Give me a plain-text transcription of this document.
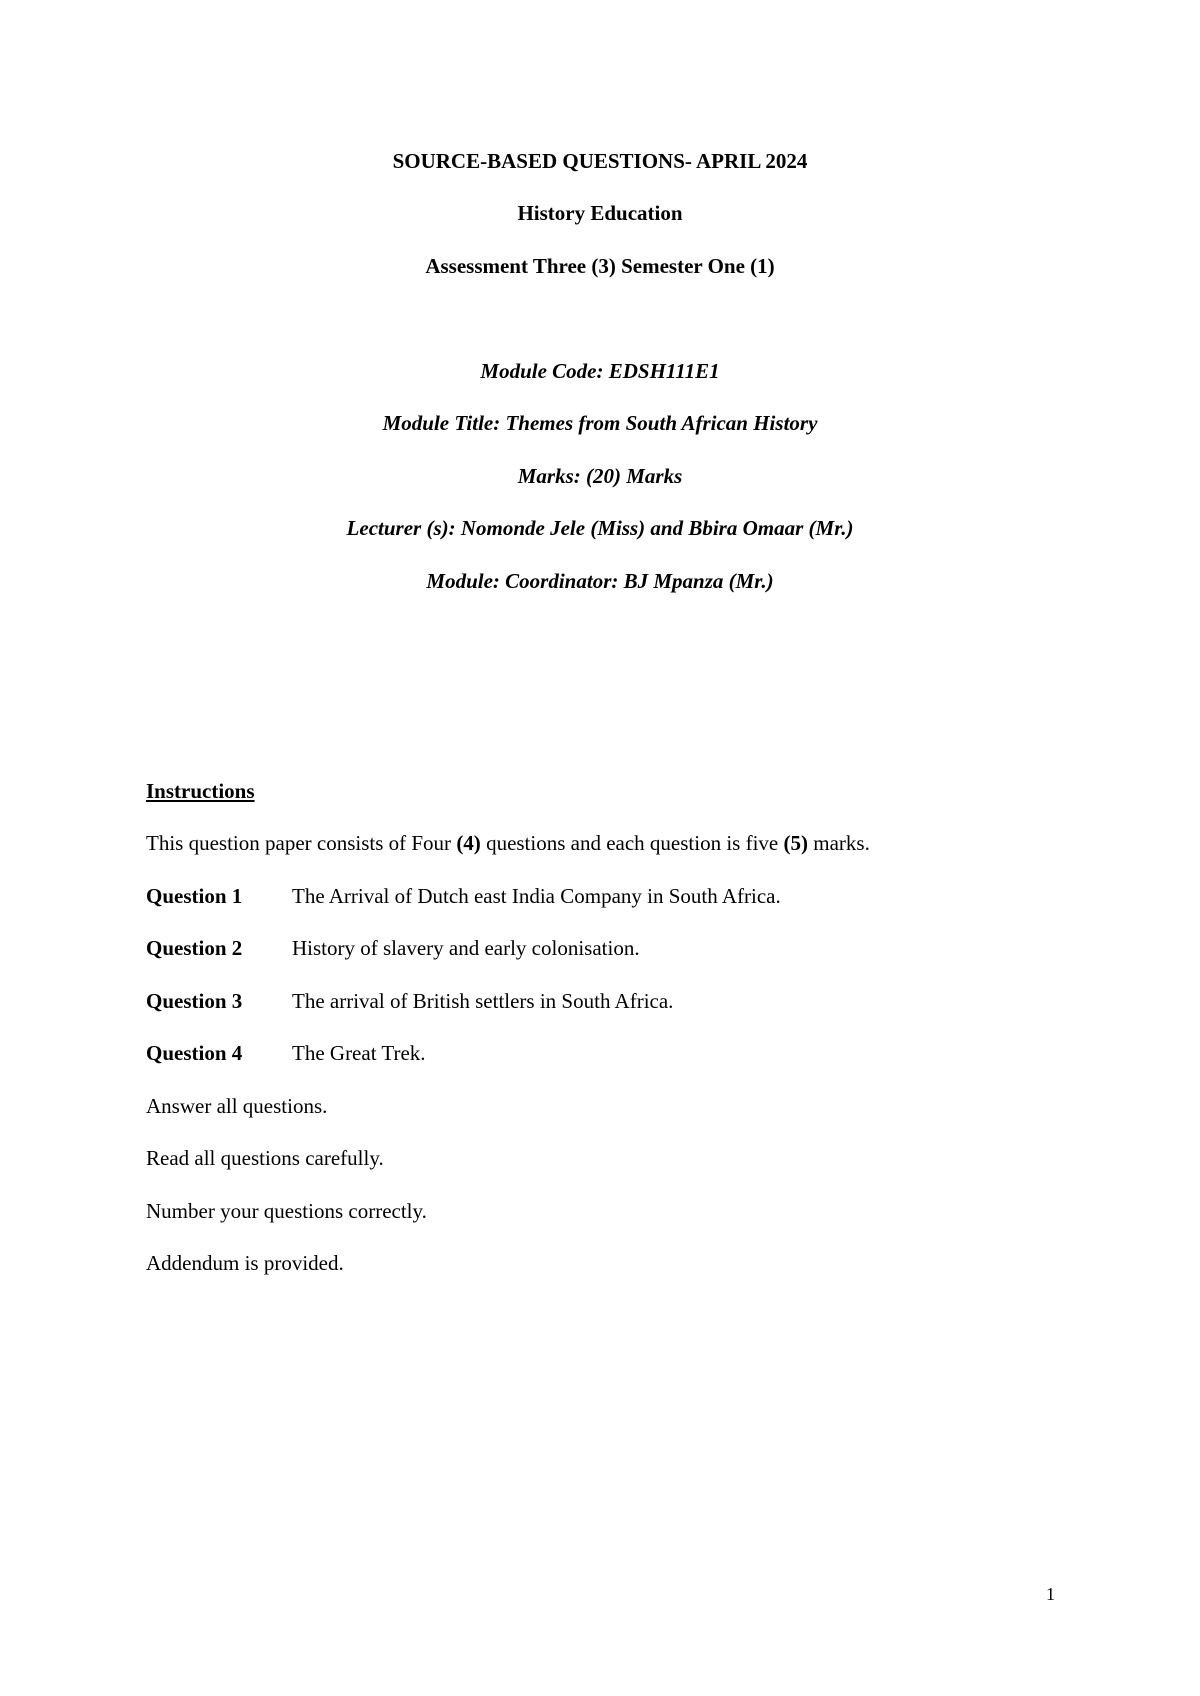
SOURCE-BASED QUESTIONS- APRIL 2024
History Education
Assessment Three (3) Semester One (1)
Module Code: EDSH111E1
Module Title: Themes from South African History
Marks: (20) Marks
Lecturer (s): Nomonde Jele (Miss) and Bbira Omaar (Mr.)
Module: Coordinator: BJ Mpanza (Mr.)
Instructions
This question paper consists of Four (4) questions and each question is five (5) marks.
Question 1 The Arrival of Dutch east India Company in South Africa.
Question 2 History of slavery and early colonisation.
Question 3 The arrival of British settlers in South Africa.
Question 4 The Great Trek.
Answer all questions.
Read all questions carefully.
Number your questions correctly.
Addendum is provided.
1
